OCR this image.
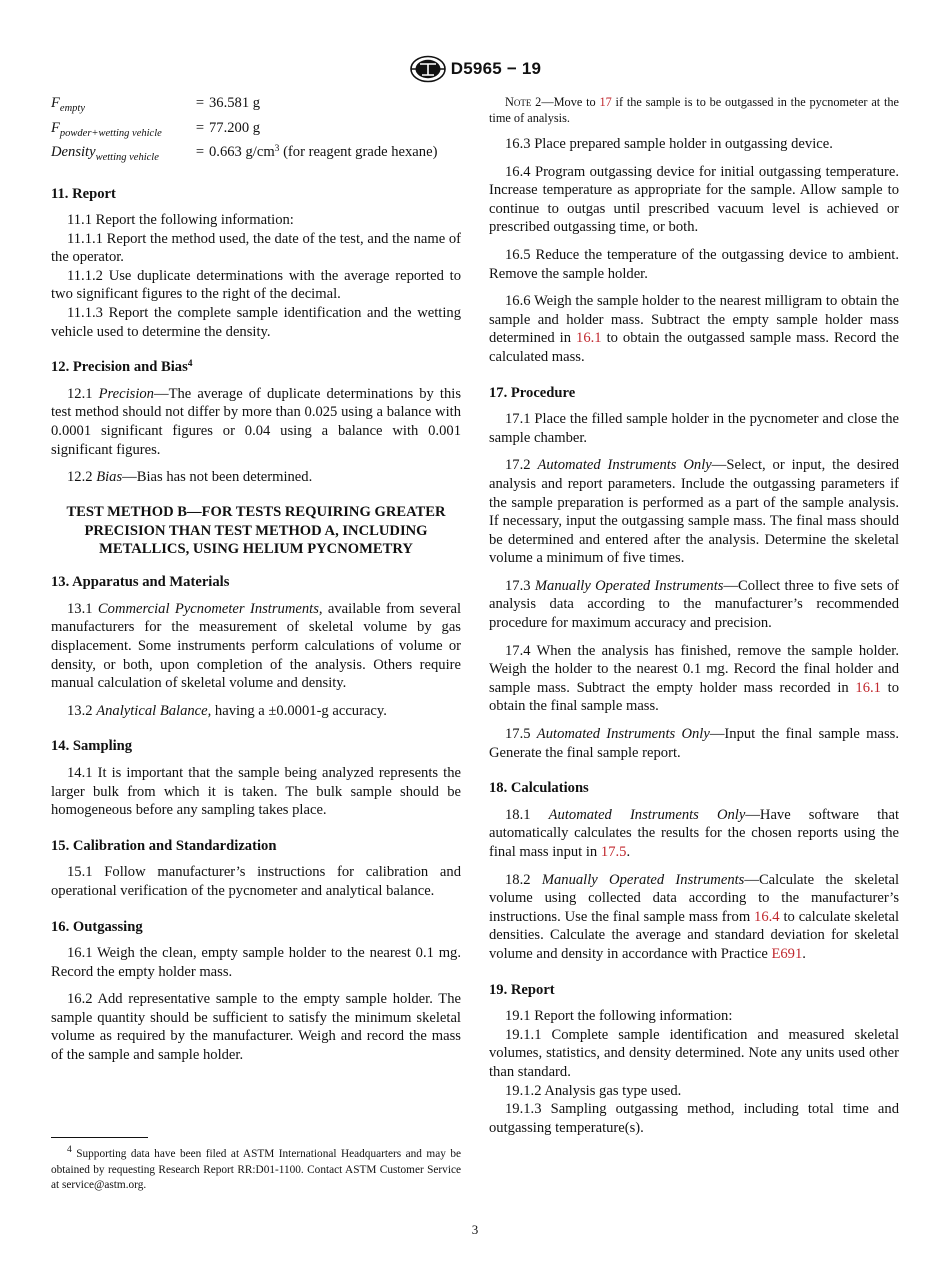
D5965 − 19
$F_{empty}$	= 36.581 g
$F_{powder+wetting vehicle}$	= 77.200 g
Density$_{wetting vehicle}$	= 0.663 $g/cm^3$ (for reagent grade hexane)
11. Report

11.1 Report the following information:

11.1.1 Report the method used, the date of the test, and the name of the operator.

11.1.2 Use duplicate determinations with the average reported to two significant figures to the right of the decimal.

11.1.3 Report the complete sample identification and the wetting vehicle used to determine the density.

12. Precision and Bias$^4$

12.1 Precision—The average of duplicate determinations by this test method should not differ by more than 0.025 using a balance with 0.0001 significant figures or 0.04 using a balance with 0.001 significant figures.

12.2 Bias—Bias has not been determined.

TEST METHOD B—FOR TESTS REQUIRING GREATER PRECISION THAN TEST METHOD A, INCLUDING METALLICS, USING HELIUM PYCNOMETRY
13. Apparatus and Materials

13.1 Commercial Pycnometer Instruments, available from several manufacturers for the measurement of skeletal volume by gas displacement. Some instruments perform calculations of volume or density, or both, upon completion of the analysis. Others require manual calculation of skeletal volume and density.

13.2 Analytical Balance, having a ±0.0001-g accuracy.

14. Sampling

14.1 It is important that the sample being analyzed represents the larger bulk from which it is taken. The bulk sample should be homogeneous before any sampling takes place.

15. Calibration and Standardization

15.1 Follow manufacturer’s instructions for calibration and operational verification of the pycnometer and analytical balance.

16. Outgassing

16.1 Weigh the clean, empty sample holder to the nearest 0.1 mg. Record the empty holder mass.

16.2 Add representative sample to the empty sample holder. The sample quantity should be sufficient to satisfy the minimum skeletal volume as required by the manufacturer. Weigh and record the mass of the sample and sample holder.

Note 2—Move to 17 if the sample is to be outgassed in the pycnometer at the time of analysis.

16.3 Place prepared sample holder in outgassing device.

16.4 Program outgassing device for initial outgassing temperature. Increase temperature as appropriate for the sample. Allow sample to continue to outgas until prescribed vacuum level is achieved or prescribed outgassing time, or both.

16.5 Reduce the temperature of the outgassing device to ambient. Remove the sample holder.

16.6 Weigh the sample holder to the nearest milligram to obtain the sample and holder mass. Subtract the empty sample holder mass determined in 16.1 to obtain the outgassed sample mass. Record the calculated mass.

17. Procedure

17.1 Place the filled sample holder in the pycnometer and close the sample chamber.

17.2 Automated Instruments Only—Select, or input, the desired analysis and report parameters. Include the outgassing parameters if the sample preparation is performed as a part of the sample analysis. If necessary, input the outgassing sample mass. The final mass should be determined and entered after the analysis. Determine the skeletal volume a minimum of five times.

17.3 Manually Operated Instruments—Collect three to five sets of analysis data according to the manufacturer’s recommended procedure for maximum accuracy and precision.

17.4 When the analysis has finished, remove the sample holder. Weigh the holder to the nearest 0.1 mg. Record the final holder and sample mass. Subtract the empty holder mass recorded in 16.1 to obtain the final sample mass.

17.5 Automated Instruments Only—Input the final sample mass. Generate the final sample report.

18. Calculations

18.1 Automated Instruments Only—Have software that automatically calculates the results for the chosen reports using the final mass input in 17.5.

18.2 Manually Operated Instruments—Calculate the skeletal volume using collected data according to the manufacturer’s instructions. Use the final sample mass from 16.4 to calculate skeletal densities. Calculate the average and standard deviation for skeletal volume and density in accordance with Practice E691.

19. Report

19.1 Report the following information:

19.1.1 Complete sample identification and measured skeletal volumes, statistics, and density determined. Note any units used other than standard.

19.1.2 Analysis gas type used.

19.1.3 Sampling outgassing method, including total time and outgassing temperature(s).

$^4$ Supporting data have been filed at ASTM International Headquarters and may be obtained by requesting Research Report RR:D01-1100. Contact ASTM Customer Service at service@astm.org.

3
